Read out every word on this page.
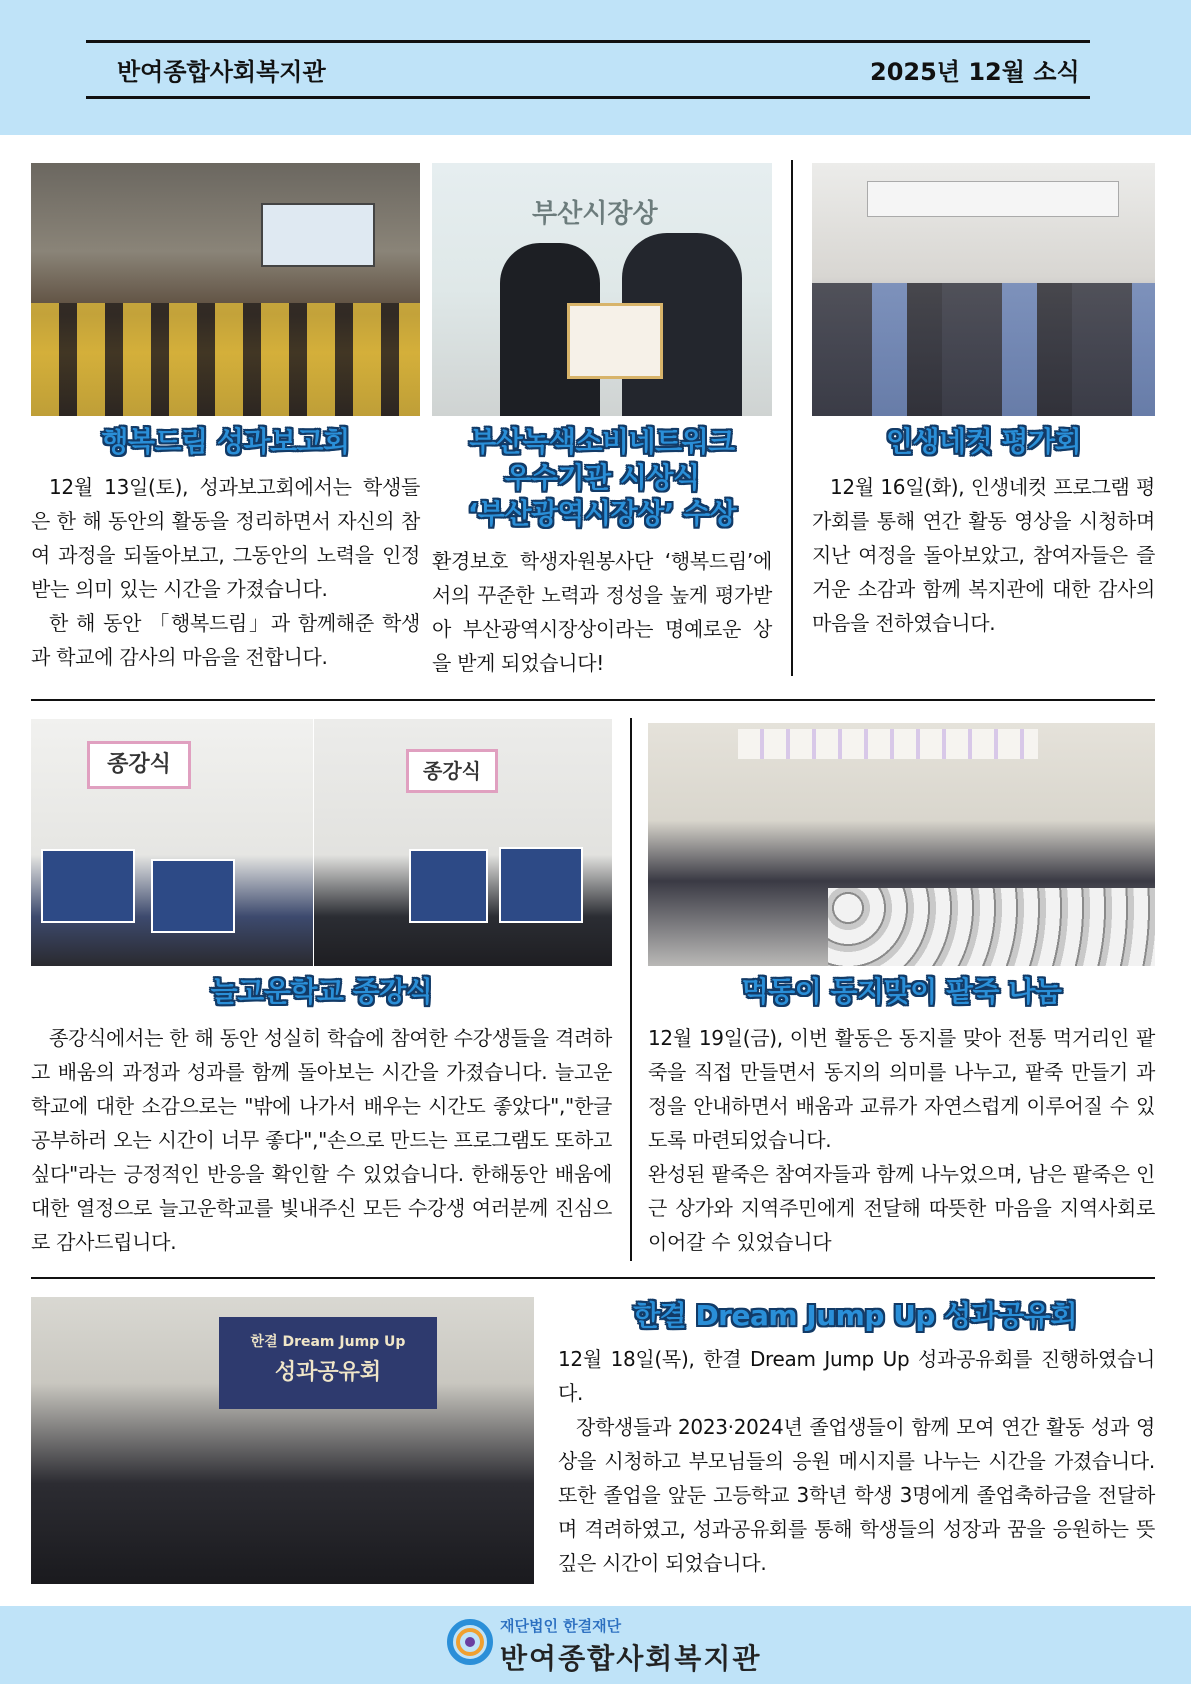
반여종합사회복지관	2025년 12월 소식
부산시장상
행복드림 성과보고회	부산녹색소비네트워크
우수기관 시상식
‘부산광역시장상’ 수상
인생네컷 평가회

12월 13일(토), 성과보고회에서는 학생들은 한 해 동안의 활동을 정리하면서 자신의 참여 과정을 되돌아보고, 그동안의 노력을 인정받는 의미 있는 시간을 가졌습니다.

한 해 동안 「행복드림」과 함께해준 학생과 학교에 감사의 마음을 전합니다.

환경보호 학생자원봉사단 ‘행복드림’에서의 꾸준한 노력과 정성을 높게 평가받아 부산광역시장상이라는 명예로운 상을 받게 되었습니다!

12월 16일(화), 인생네컷 프로그램 평가회를 통해 연간 활동 영상을 시청하며 지난 여정을 돌아보았고, 참여자들은 즐거운 소감과 함께 복지관에 대한 감사의 마음을 전하였습니다.

종강식	종강식
늘고운학교 종강식	먹동이 동지맞이 팥죽 나눔

종강식에서는 한 해 동안 성실히 학습에 참여한 수강생들을 격려하고 배움의 과정과 성과를 함께 돌아보는 시간을 가졌습니다. 늘고운학교에 대한 소감으로는 "밖에 나가서 배우는 시간도 좋았다","한글공부하러 오는 시간이 너무 좋다","손으로 만드는 프로그램도 또하고 싶다"라는 긍정적인 반응을 확인할 수 있었습니다. 한해동안 배움에 대한 열정으로 늘고운학교를 빛내주신 모든 수강생 여러분께 진심으로 감사드립니다.

12월 19일(금), 이번 활동은 동지를 맞아 전통 먹거리인 팥죽을 직접 만들면서 동지의 의미를 나누고, 팥죽 만들기 과정을 안내하면서 배움과 교류가 자연스럽게 이루어질 수 있도록 마련되었습니다.

완성된 팥죽은 참여자들과 함께 나누었으며, 남은 팥죽은 인근 상가와 지역주민에게 전달해 따뜻한 마음을 지역사회로 이어갈 수 있었습니다

한결 Dream Jump Up
성과공유회
한결 Dream Jump Up 성과공유회

12월 18일(목), 한결 Dream Jump Up 성과공유회를 진행하였습니다.

장학생들과 2023·2024년 졸업생들이 함께 모여 연간 활동 성과 영상을 시청하고 부모님들의 응원 메시지를 나누는 시간을 가졌습니다. 또한 졸업을 앞둔 고등학교 3학년 학생 3명에게 졸업축하금을 전달하며 격려하였고, 성과공유회를 통해 학생들의 성장과 꿈을 응원하는 뜻깊은 시간이 되었습니다.

재단법인 한결재단
반여종합사회복지관
